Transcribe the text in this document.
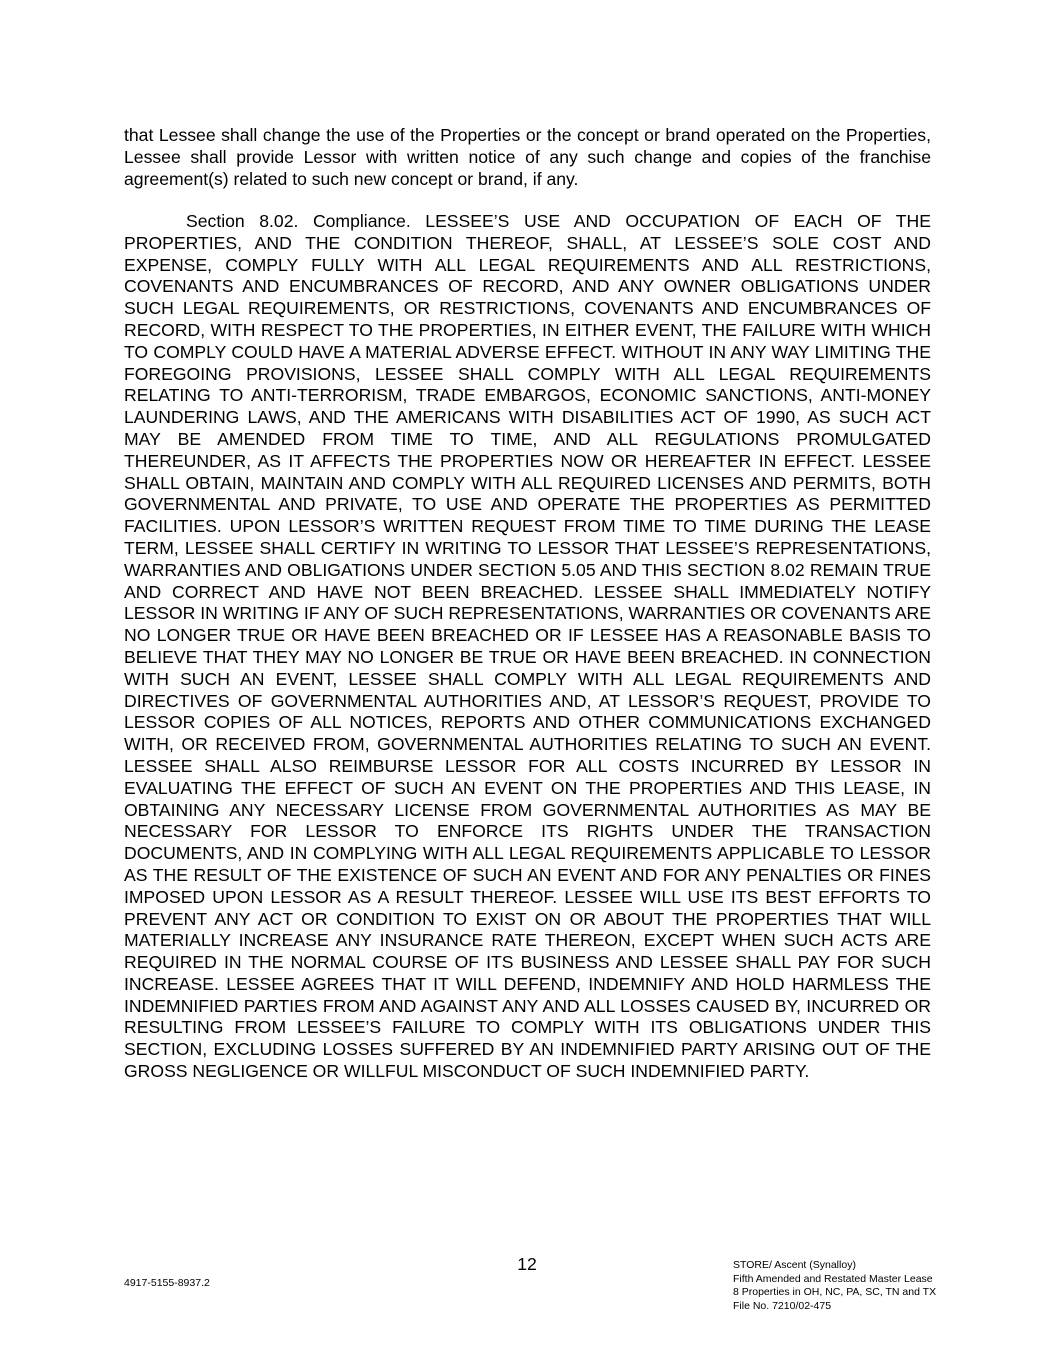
that Lessee shall change the use of the Properties or the concept or brand operated on the Properties, Lessee shall provide Lessor with written notice of any such change and copies of the franchise agreement(s) related to such new concept or brand, if any.

Section 8.02. Compliance. LESSEE’S USE AND OCCUPATION OF EACH OF THE PROPERTIES, AND THE CONDITION THEREOF, SHALL, AT LESSEE’S SOLE COST AND EXPENSE, COMPLY FULLY WITH ALL LEGAL REQUIREMENTS AND ALL RESTRICTIONS, COVENANTS AND ENCUMBRANCES OF RECORD, AND ANY OWNER OBLIGATIONS UNDER SUCH LEGAL REQUIREMENTS, OR RESTRICTIONS, COVENANTS AND ENCUMBRANCES OF RECORD, WITH RESPECT TO THE PROPERTIES, IN EITHER EVENT, THE FAILURE WITH WHICH TO COMPLY COULD HAVE A MATERIAL ADVERSE EFFECT. WITHOUT IN ANY WAY LIMITING THE FOREGOING PROVISIONS, LESSEE SHALL COMPLY WITH ALL LEGAL REQUIREMENTS RELATING TO ANTI-TERRORISM, TRADE EMBARGOS, ECONOMIC SANCTIONS, ANTI-MONEY LAUNDERING LAWS, AND THE AMERICANS WITH DISABILITIES ACT OF 1990, AS SUCH ACT MAY BE AMENDED FROM TIME TO TIME, AND ALL REGULATIONS PROMULGATED THEREUNDER, AS IT AFFECTS THE PROPERTIES NOW OR HEREAFTER IN EFFECT. LESSEE SHALL OBTAIN, MAINTAIN AND COMPLY WITH ALL REQUIRED LICENSES AND PERMITS, BOTH GOVERNMENTAL AND PRIVATE, TO USE AND OPERATE THE PROPERTIES AS PERMITTED FACILITIES. UPON LESSOR’S WRITTEN REQUEST FROM TIME TO TIME DURING THE LEASE TERM, LESSEE SHALL CERTIFY IN WRITING TO LESSOR THAT LESSEE’S REPRESENTATIONS, WARRANTIES AND OBLIGATIONS UNDER SECTION 5.05 AND THIS SECTION 8.02 REMAIN TRUE AND CORRECT AND HAVE NOT BEEN BREACHED. LESSEE SHALL IMMEDIATELY NOTIFY LESSOR IN WRITING IF ANY OF SUCH REPRESENTATIONS, WARRANTIES OR COVENANTS ARE NO LONGER TRUE OR HAVE BEEN BREACHED OR IF LESSEE HAS A REASONABLE BASIS TO BELIEVE THAT THEY MAY NO LONGER BE TRUE OR HAVE BEEN BREACHED. IN CONNECTION WITH SUCH AN EVENT, LESSEE SHALL COMPLY WITH ALL LEGAL REQUIREMENTS AND DIRECTIVES OF GOVERNMENTAL AUTHORITIES AND, AT LESSOR’S REQUEST, PROVIDE TO LESSOR COPIES OF ALL NOTICES, REPORTS AND OTHER COMMUNICATIONS EXCHANGED WITH, OR RECEIVED FROM, GOVERNMENTAL AUTHORITIES RELATING TO SUCH AN EVENT. LESSEE SHALL ALSO REIMBURSE LESSOR FOR ALL COSTS INCURRED BY LESSOR IN EVALUATING THE EFFECT OF SUCH AN EVENT ON THE PROPERTIES AND THIS LEASE, IN OBTAINING ANY NECESSARY LICENSE FROM GOVERNMENTAL AUTHORITIES AS MAY BE NECESSARY FOR LESSOR TO ENFORCE ITS RIGHTS UNDER THE TRANSACTION DOCUMENTS, AND IN COMPLYING WITH ALL LEGAL REQUIREMENTS APPLICABLE TO LESSOR AS THE RESULT OF THE EXISTENCE OF SUCH AN EVENT AND FOR ANY PENALTIES OR FINES IMPOSED UPON LESSOR AS A RESULT THEREOF. LESSEE WILL USE ITS BEST EFFORTS TO PREVENT ANY ACT OR CONDITION TO EXIST ON OR ABOUT THE PROPERTIES THAT WILL MATERIALLY INCREASE ANY INSURANCE RATE THEREON, EXCEPT WHEN SUCH ACTS ARE REQUIRED IN THE NORMAL COURSE OF ITS BUSINESS AND LESSEE SHALL PAY FOR SUCH INCREASE. LESSEE AGREES THAT IT WILL DEFEND, INDEMNIFY AND HOLD HARMLESS THE INDEMNIFIED PARTIES FROM AND AGAINST ANY AND ALL LOSSES CAUSED BY, INCURRED OR RESULTING FROM LESSEE’S FAILURE TO COMPLY WITH ITS OBLIGATIONS UNDER THIS SECTION, EXCLUDING LOSSES SUFFERED BY AN INDEMNIFIED PARTY ARISING OUT OF THE GROSS NEGLIGENCE OR WILLFUL MISCONDUCT OF SUCH INDEMNIFIED PARTY.

12

4917-5155-8937.2

STORE/ Ascent (Synalloy)
Fifth Amended and Restated Master Lease
8 Properties in OH, NC, PA, SC, TN and TX
File No. 7210/02-475
